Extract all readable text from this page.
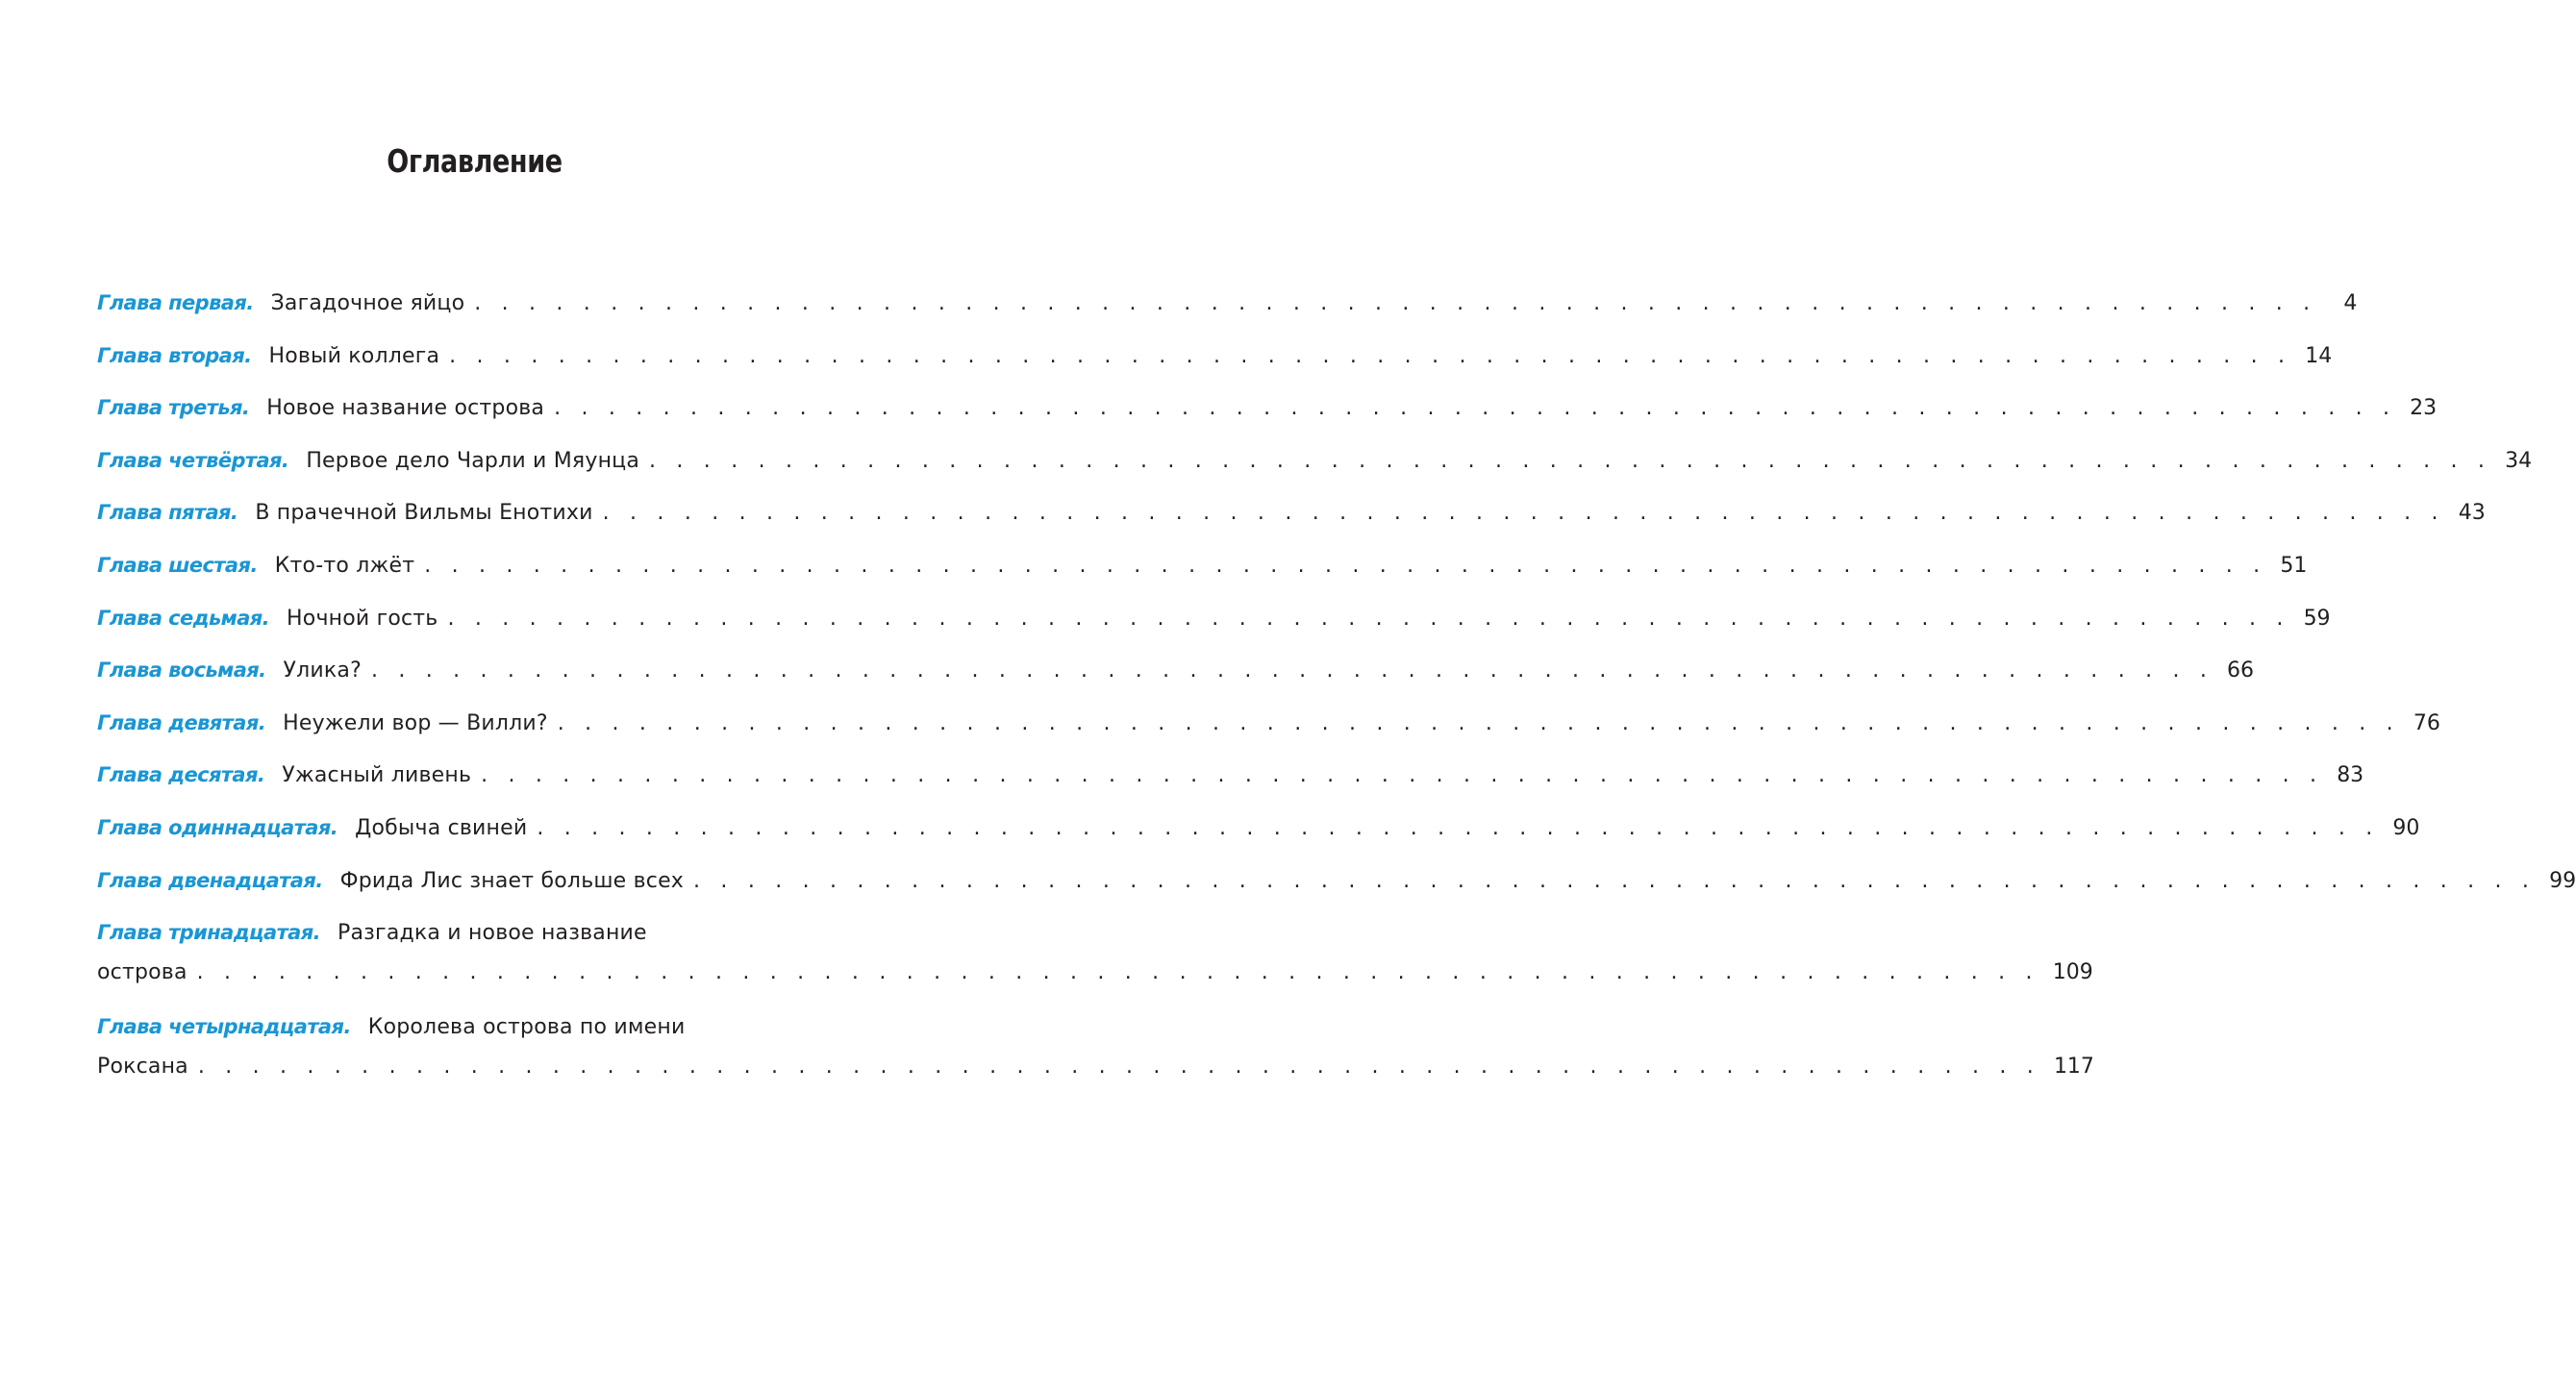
Оглавление
Глава первая. Загадочное яйцо . . . . . . . . . . . . . . . . . . . . . . . . . . . . . . . . . . . . . . . . . . . . . . . . . . . . . . . . . . . . . . . . . . . .	4
Глава вторая. Новый коллега . . . . . . . . . . . . . . . . . . . . . . . . . . . . . . . . . . . . . . . . . . . . . . . . . . . . . . . . . . . . . . . . . . . . 14
Глава третья. Новое название острова . . . . . . . . . . . . . . . . . . . . . . . . . . . . . . . . . . . . . . . . . . . . . . . . . . . . . . . . . . . . . . . . . . . . 23
Глава четвёртая. Первое дело Чарли и Мяунца . . . . . . . . . . . . . . . . . . . . . . . . . . . . . . . . . . . . . . . . . . . . . . . . . . . . . . . . . . . . . . . . . . . . 34
Глава пятая. В прачечной Вильмы Енотихи . . . . . . . . . . . . . . . . . . . . . . . . . . . . . . . . . . . . . . . . . . . . . . . . . . . . . . . . . . . . . . . . . . . . 43
Глава шестая. Кто-то лжёт . . . . . . . . . . . . . . . . . . . . . . . . . . . . . . . . . . . . . . . . . . . . . . . . . . . . . . . . . . . . . . . . . . . . 51
Глава седьмая. Ночной гость . . . . . . . . . . . . . . . . . . . . . . . . . . . . . . . . . . . . . . . . . . . . . . . . . . . . . . . . . . . . . . . . . . . . 59
Глава восьмая. Улика? . . . . . . . . . . . . . . . . . . . . . . . . . . . . . . . . . . . . . . . . . . . . . . . . . . . . . . . . . . . . . . . . . . . . 66
Глава девятая. Неужели вор — Вилли? . . . . . . . . . . . . . . . . . . . . . . . . . . . . . . . . . . . . . . . . . . . . . . . . . . . . . . . . . . . . . . . . . . . . 76
Глава десятая. Ужасный ливень . . . . . . . . . . . . . . . . . . . . . . . . . . . . . . . . . . . . . . . . . . . . . . . . . . . . . . . . . . . . . . . . . . . . 83
Глава одиннадцатая. Добыча свиней . . . . . . . . . . . . . . . . . . . . . . . . . . . . . . . . . . . . . . . . . . . . . . . . . . . . . . . . . . . . . . . . . . . . 90
Глава двенадцатая. Фрида Лис знает больше всех . . . . . . . . . . . . . . . . . . . . . . . . . . . . . . . . . . . . . . . . . . . . . . . . . . . . . . . . . . . . . . . . . . . . 99
Глава тринадцатая. Разгадка и новое название
острова . . . . . . . . . . . . . . . . . . . . . . . . . . . . . . . . . . . . . . . . . . . . . . . . . . . . . . . . . . . . . . . . . . . . 109
Глава четырнадцатая. Королева острова по имени
Роксана . . . . . . . . . . . . . . . . . . . . . . . . . . . . . . . . . . . . . . . . . . . . . . . . . . . . . . . . . . . . . . . . . . . . 117
